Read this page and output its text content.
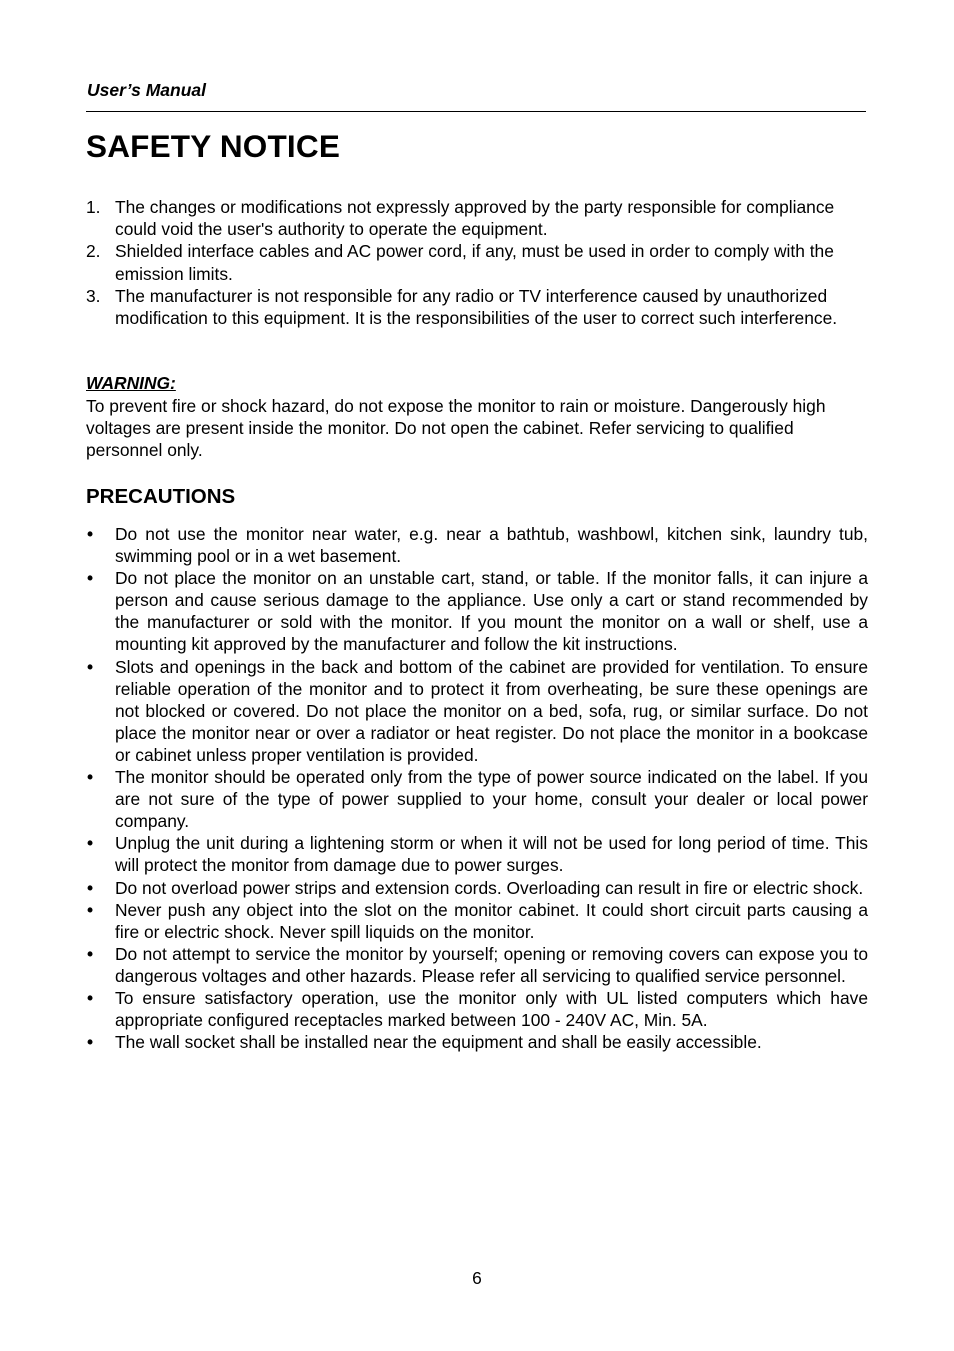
User’s Manual
SAFETY NOTICE
1. The changes or modifications not expressly approved by the party responsible for compliance could void the user's authority to operate the equipment.
2. Shielded interface cables and AC power cord, if any, must be used in order to comply with the emission limits.
3. The manufacturer is not responsible for any radio or TV interference caused by unauthorized modification to this equipment. It is the responsibilities of the user to correct such interference.
WARNING:
To prevent fire or shock hazard, do not expose the monitor to rain or moisture. Dangerously high voltages are present inside the monitor. Do not open the cabinet. Refer servicing to qualified personnel only.
PRECAUTIONS
• Do not use the monitor near water, e.g. near a bathtub, washbowl, kitchen sink, laundry tub, swimming pool or in a wet basement.
• Do not place the monitor on an unstable cart, stand, or table. If the monitor falls, it can injure a person and cause serious damage to the appliance. Use only a cart or stand recommended by the manufacturer or sold with the monitor. If you mount the monitor on a wall or shelf, use a mounting kit approved by the manufacturer and follow the kit instructions.
• Slots and openings in the back and bottom of the cabinet are provided for ventilation. To ensure reliable operation of the monitor and to protect it from overheating, be sure these openings are not blocked or covered. Do not place the monitor on a bed, sofa, rug, or similar surface. Do not place the monitor near or over a radiator or heat register. Do not place the monitor in a bookcase or cabinet unless proper ventilation is provided.
• The monitor should be operated only from the type of power source indicated on the label. If you are not sure of the type of power supplied to your home, consult your dealer or local power company.
• Unplug the unit during a lightening storm or when it will not be used for long period of time. This will protect the monitor from damage due to power surges.
• Do not overload power strips and extension cords. Overloading can result in fire or electric shock.
• Never push any object into the slot on the monitor cabinet. It could short circuit parts causing a fire or electric shock. Never spill liquids on the monitor.
• Do not attempt to service the monitor by yourself; opening or removing covers can expose you to dangerous voltages and other hazards. Please refer all servicing to qualified service personnel.
• To ensure satisfactory operation, use the monitor only with UL listed computers which have appropriate configured receptacles marked between 100 - 240V AC, Min. 5A.
• The wall socket shall be installed near the equipment and shall be easily accessible.
6
